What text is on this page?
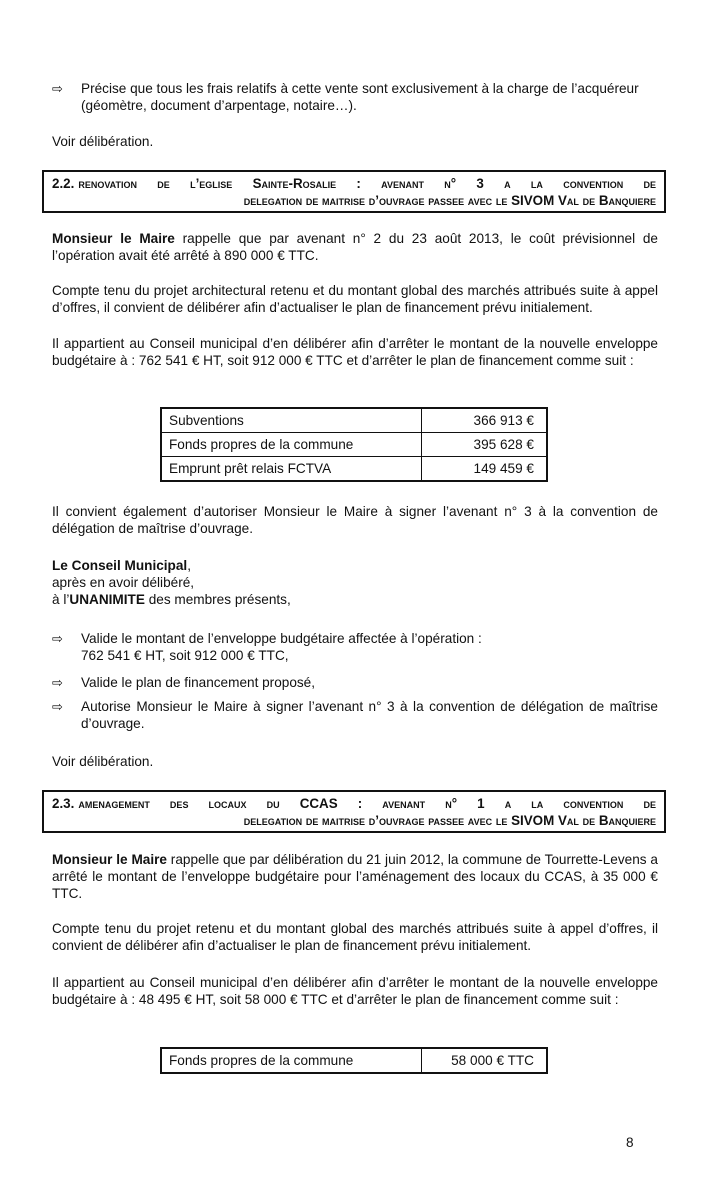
⇨ Précise que tous les frais relatifs à cette vente sont exclusivement à la charge de l’acquéreur (géomètre, document d’arpentage, notaire…).

Voir délibération.

2.2. renovation de l’eglise Sainte-Rosalie : avenant n° 3 a la convention de
delegation de maitrise d’ouvrage passee avec le SIVOM Val de Banquiere

Monsieur le Maire rappelle que par avenant n° 2 du 23 août 2013, le coût prévisionnel de l’opération avait été arrêté à 890 000 € TTC.

Compte tenu du projet architectural retenu et du montant global des marchés attribués suite à appel d’offres, il convient de délibérer afin d’actualiser le plan de financement prévu initialement.

Il appartient au Conseil municipal d’en délibérer afin d’arrêter le montant de la nouvelle enveloppe budgétaire à : 762 541 € HT, soit 912 000 € TTC et d’arrêter le plan de financement comme suit :

Subventions	366 913 €
Fonds propres de la commune	395 628 €
Emprunt prêt relais FCTVA	149 459 €

Il convient également d’autoriser Monsieur le Maire à signer l’avenant n° 3 à la convention de délégation de maîtrise d’ouvrage.

Le Conseil Municipal,
après en avoir délibéré,
à l’UNANIMITE des membres présents,
⇨ Valide le montant de l’enveloppe budgétaire affectée à l’opération :
762 541 € HT, soit 912 000 € TTC,
⇨ Valide le plan de financement proposé,
⇨ Autorise Monsieur le Maire à signer l’avenant n° 3 à la convention de délégation de maîtrise d’ouvrage.

Voir délibération.

2.3. amenagement des locaux du CCAS : avenant n° 1 a la convention de
delegation de maitrise d’ouvrage passee avec le SIVOM Val de Banquiere

Monsieur le Maire rappelle que par délibération du 21 juin 2012, la commune de Tourrette-Levens a arrêté le montant de l’enveloppe budgétaire pour l’aménagement des locaux du CCAS, à 35 000 € TTC.

Compte tenu du projet retenu et du montant global des marchés attribués suite à appel d’offres, il convient de délibérer afin d’actualiser le plan de financement prévu initialement.

Il appartient au Conseil municipal d’en délibérer afin d’arrêter le montant de la nouvelle enveloppe budgétaire à : 48 495 € HT, soit 58 000 € TTC et d’arrêter le plan de financement comme suit :

Fonds propres de la commune	58 000 € TTC
8
